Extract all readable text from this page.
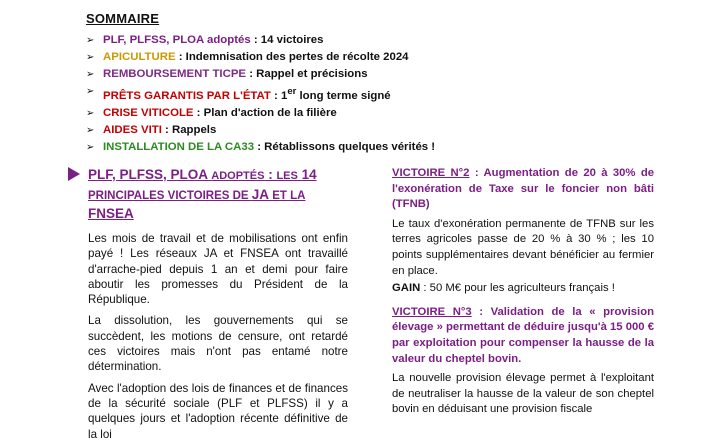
SOMMAIRE
➢ PLF, PLFSS, PLOA adoptés : 14 victoires
➢ APICULTURE : Indemnisation des pertes de récolte 2024
➢ REMBOURSEMENT TICPE : Rappel et précisions
➢ PRÊTS GARANTIS PAR L'ÉTAT : 1er long terme signé
➢ CRISE VITICOLE : Plan d'action de la filière
➢ AIDES VITI : Rappels
➢ INSTALLATION DE LA CA33 : Rétablissons quelques vérités !
PLF, PLFSS, PLOA ADOPTÉS : LES 14
PRINCIPALES VICTOIRES DE JA ET LA FNSEA

Les mois de travail et de mobilisations ont enfin payé ! Les réseaux JA et FNSEA ont travaillé d'arrache-pied depuis 1 an et demi pour faire aboutir les promesses du Président de la République.

La dissolution, les gouvernements qui se succèdent, les motions de censure, ont retardé ces victoires mais n'ont pas entamé notre détermination.

Avec l'adoption des lois de finances et de finances de la sécurité sociale (PLF et PLFSS) il y a quelques jours et l'adoption récente définitive de la loi

VICTOIRE N°2 : Augmentation de 20 à 30% de l'exonération de Taxe sur le foncier non bâti (TFNB)

Le taux d'exonération permanente de TFNB sur les terres agricoles passe de 20 % à 30 % ; les 10 points supplémentaires devant bénéficier au fermier en place.

GAIN : 50 M€ pour les agriculteurs français !

VICTOIRE N°3 : Validation de la « provision élevage » permettant de déduire jusqu'à 15 000 € par exploitation pour compenser la hausse de la valeur du cheptel bovin.

La nouvelle provision élevage permet à l'exploitant de neutraliser la hausse de la valeur de son cheptel bovin en déduisant une provision fiscale
